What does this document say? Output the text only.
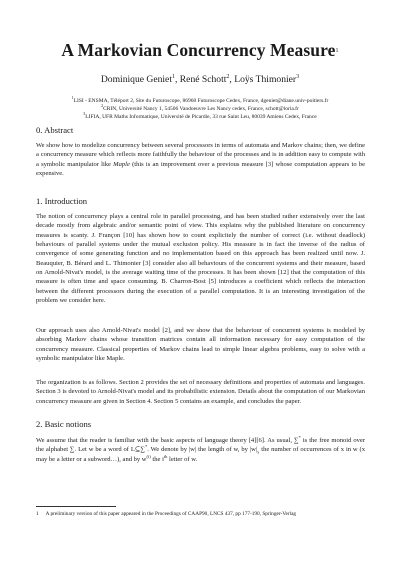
A Markovian Concurrency Measure$^1$
Dominique Geniet$^1$, René Schott$^2$, Loÿs Thimonier$^3$
$^1$LISI - ENSMA, Téléport 2, Site du Futuroscope, 86960 Futuroscope Cedex, France, dgeniet@diane.univ-poitiers.fr
$^2$CRIN, Université Nancy 1, 54506 Vandoeuvre Les Nancy cedex, France, schott@loria.fr
$^3$LIFIA, UFR Maths Informatique, Université de Picardie, 33 rue Saint Leu, 80039 Amiens Cedex, France
0. Abstract

We show how to modelize concurrency between several processors in terms of automata and Markov chains; then, we define a concurrency measure which reflects more faithfully the behaviour of the processes and is in addition easy to compute with a symbolic manipulator like Maple (this is an improvement over a previous measure [3] whose computation appears to be expensive.

1. Introduction

The notion of concurrency plays a central role in parallel processing, and has been studied rather extensively over the last decade mostly from algebraic and/or semantic point of view. This explains why the published literature on concurrency measures is scanty. J. Françon [10] has shown how to count explicitely the number of correct (i.e. without deadlock) behaviours of parallel systems under the mutual exclusion policy. His measure is in fact the inverse of the radius of convergence of some generating function and no implementation based on this approach has been realized until now. J. Beauquier, B. Bérard and L. Thimonier [3] consider also all behaviours of the concurrent systems and their measure, based on Arnold-Nivat's model, is the average waiting time of the processes. It has been shown [12] that the computation of this measure is often time and space consuming. B. Charron-Bost [5] introduces a coefficient which reflects the interaction between the different processors during the execution of a parallel computation. It is an interesting investigation of the problem we consider here.

Our approach uses also Arnold-Nivat's model [2], and we show that the behaviour of concurrent systems is modeled by absorbing Markov chains whose transition matrices contain all information necessary for easy computation of the concurrency measure. Classical properties of Markov chains lead to simple linear algebra problems, easy to solve with a symbolic manipulator like Maple.

The organization is as follows. Section 2 provides the set of necessary definitions and properties of automata and languages. Section 3 is devoted to Arnold-Nivat's model and its probabilistic extension. Details about the computation of our Markovian concurrency measure are given in Section 4. Section 5 contains an example, and concludes the paper.

2. Basic notions

We assume that the reader is familiar with the basic aspects of language theory [4][6]. As usual, ∑* is the free monoid over the alphabet ∑. Let w be a word of L⊆∑*. We denote by |w| the length of w, by $|w|_x$ the number of occurrences of x in w (x may be a letter or a subword…), and by $w^{(i)}$ the $i^{th}$ letter of w.

1 A preliminary version of this paper appeared in the Proceedings of CAAP90, LNCS 437, pp 177-190, Springer-Verlag
